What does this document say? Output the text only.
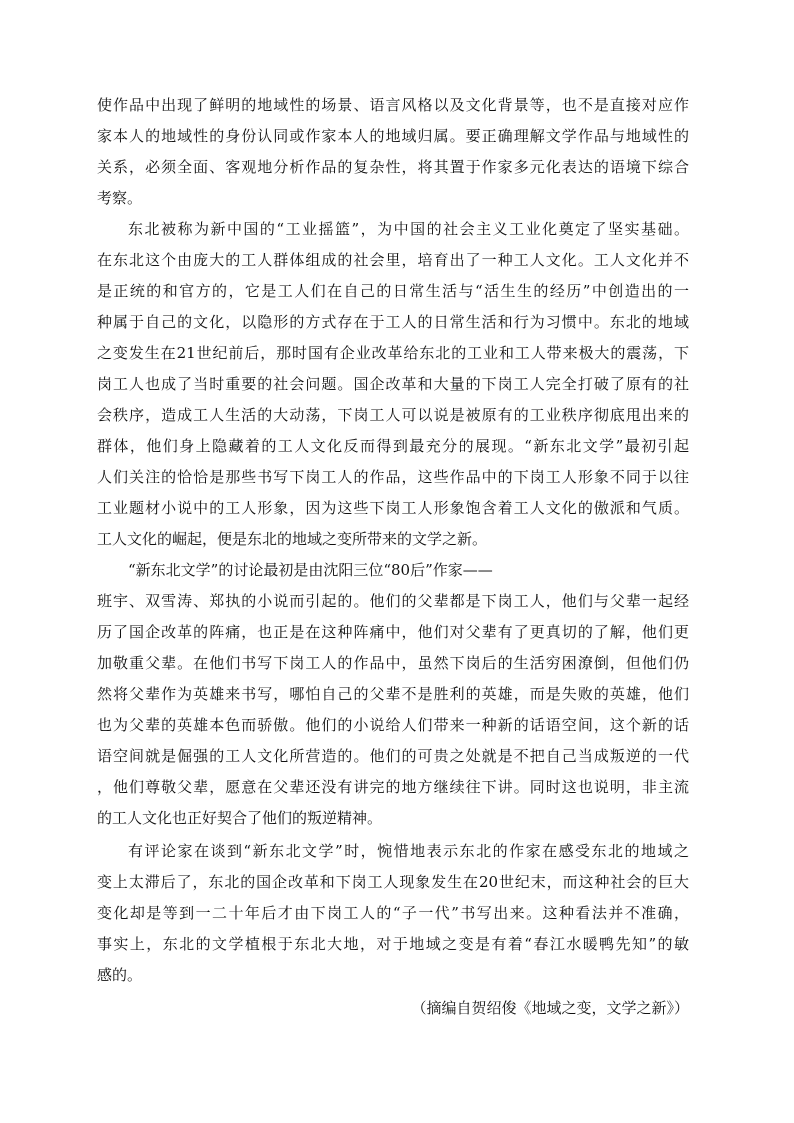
使作品中出现了鲜明的地域性的场景、语言风格以及文化背景等，也不是直接对应作
家本人的地域性的身份认同或作家本人的地域归属。要正确理解文学作品与地域性的
关系，必须全面、客观地分析作品的复杂性，将其置于作家多元化表达的语境下综合
考察。
东北被称为新中国的“工业摇篮”，为中国的社会主义工业化奠定了坚实基础。
在东北这个由庞大的工人群体组成的社会里，培育出了一种工人文化。工人文化并不
是正统的和官方的，它是工人们在自己的日常生活与“活生生的经历”中创造出的一
种属于自己的文化，以隐形的方式存在于工人的日常生活和行为习惯中。东北的地域
之变发生在21世纪前后，那时国有企业改革给东北的工业和工人带来极大的震荡，下
岗工人也成了当时重要的社会问题。国企改革和大量的下岗工人完全打破了原有的社
会秩序，造成工人生活的大动荡，下岗工人可以说是被原有的工业秩序彻底甩出来的
群体，他们身上隐藏着的工人文化反而得到最充分的展现。“新东北文学”最初引起
人们关注的恰恰是那些书写下岗工人的作品，这些作品中的下岗工人形象不同于以往
工业题材小说中的工人形象，因为这些下岗工人形象饱含着工人文化的傲派和气质。
工人文化的崛起，便是东北的地域之变所带来的文学之新。
“新东北文学”的讨论最初是由沈阳三位“80后”作家——
班宇、双雪涛、郑执的小说而引起的。他们的父辈都是下岗工人，他们与父辈一起经
历了国企改革的阵痛，也正是在这种阵痛中，他们对父辈有了更真切的了解，他们更
加敬重父辈。在他们书写下岗工人的作品中，虽然下岗后的生活穷困潦倒，但他们仍
然将父辈作为英雄来书写，哪怕自己的父辈不是胜利的英雄，而是失败的英雄，他们
也为父辈的英雄本色而骄傲。他们的小说给人们带来一种新的话语空间，这个新的话
语空间就是倔强的工人文化所营造的。他们的可贵之处就是不把自己当成叛逆的一代
，他们尊敬父辈，愿意在父辈还没有讲完的地方继续往下讲。同时这也说明，非主流
的工人文化也正好契合了他们的叛逆精神。
有评论家在谈到“新东北文学”时，惋惜地表示东北的作家在感受东北的地域之
变上太滞后了，东北的国企改革和下岗工人现象发生在20世纪末，而这种社会的巨大
变化却是等到一二十年后才由下岗工人的“子一代”书写出来。这种看法并不准确，
事实上，东北的文学植根于东北大地，对于地域之变是有着“春江水暖鸭先知”的敏
感的。
（摘编自贺绍俊《地域之变，文学之新》）
